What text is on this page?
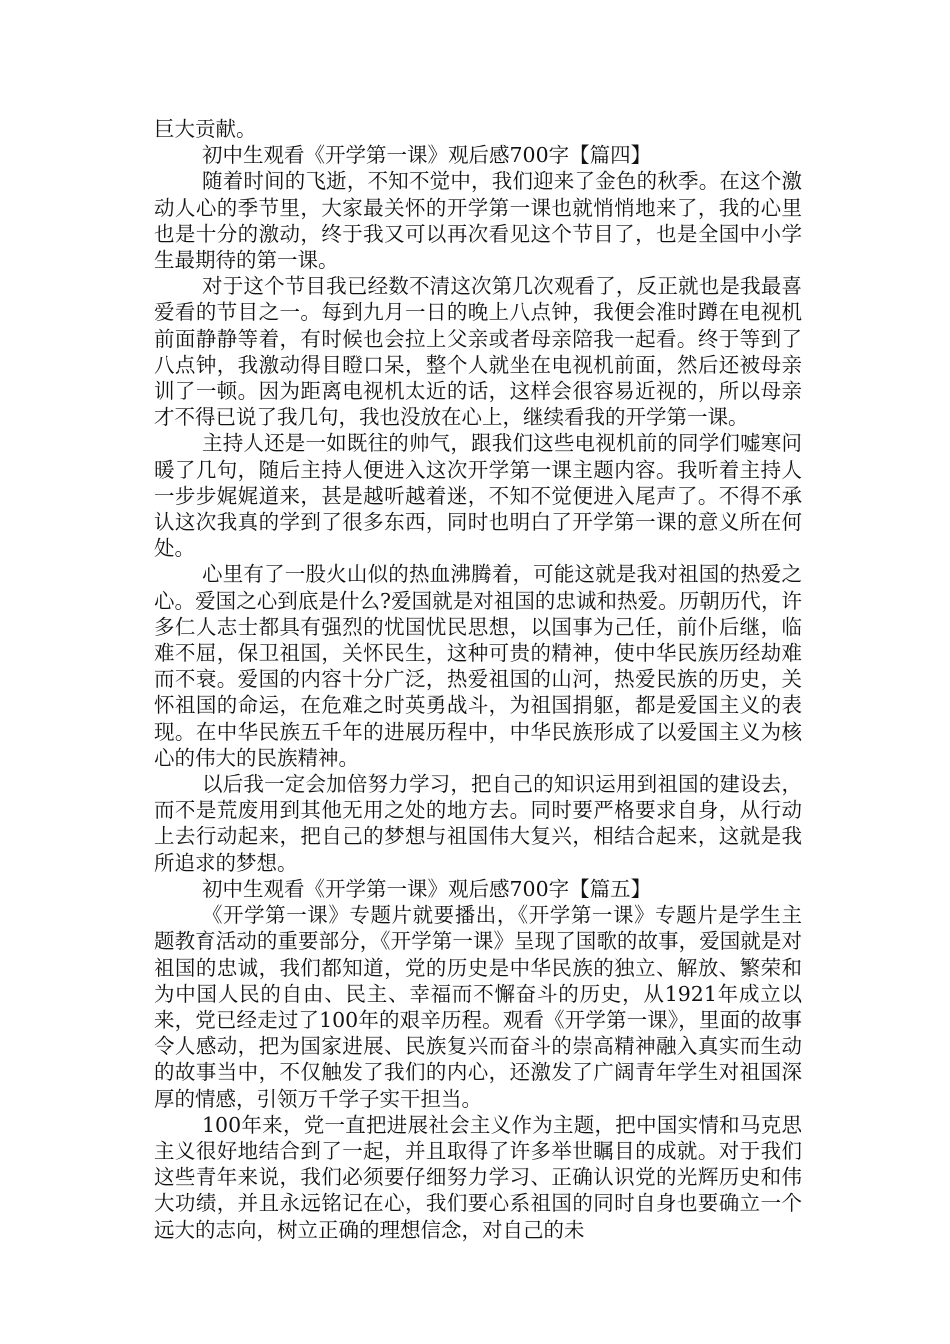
巨大贡献。

初中生观看《开学第一课》观后感700字【篇四】

随着时间的飞逝，不知不觉中，我们迎来了金色的秋季。在这个激动人心的季节里，大家最关怀的开学第一课也就悄悄地来了，我的心里也是十分的激动，终于我又可以再次看见这个节目了，也是全国中小学生最期待的第一课。

对于这个节目我已经数不清这次第几次观看了，反正就也是我最喜爱看的节目之一。每到九月一日的晚上八点钟，我便会准时蹲在电视机前面静静等着，有时候也会拉上父亲或者母亲陪我一起看。终于等到了八点钟，我激动得目瞪口呆，整个人就坐在电视机前面，然后还被母亲训了一顿。因为距离电视机太近的话，这样会很容易近视的，所以母亲才不得已说了我几句，我也没放在心上，继续看我的开学第一课。

主持人还是一如既往的帅气，跟我们这些电视机前的同学们嘘寒问暖了几句，随后主持人便进入这次开学第一课主题内容。我听着主持人一步步娓娓道来，甚是越听越着迷，不知不觉便进入尾声了。不得不承认这次我真的学到了很多东西，同时也明白了开学第一课的意义所在何处。

心里有了一股火山似的热血沸腾着，可能这就是我对祖国的热爱之心。爱国之心到底是什么?爱国就是对祖国的忠诚和热爱。历朝历代，许多仁人志士都具有强烈的忧国忧民思想，以国事为己任，前仆后继，临难不屈，保卫祖国，关怀民生，这种可贵的精神，使中华民族历经劫难而不衰。爱国的内容十分广泛，热爱祖国的山河，热爱民族的历史，关怀祖国的命运，在危难之时英勇战斗，为祖国捐躯，都是爱国主义的表现。在中华民族五千年的进展历程中，中华民族形成了以爱国主义为核心的伟大的民族精神。

以后我一定会加倍努力学习，把自己的知识运用到祖国的建设去，而不是荒废用到其他无用之处的地方去。同时要严格要求自身，从行动上去行动起来，把自己的梦想与祖国伟大复兴，相结合起来，这就是我所追求的梦想。

初中生观看《开学第一课》观后感700字【篇五】

《开学第一课》专题片就要播出，《开学第一课》专题片是学生主题教育活动的重要部分，《开学第一课》呈现了国歌的故事，爱国就是对祖国的忠诚，我们都知道，党的历史是中华民族的独立、解放、繁荣和为中国人民的自由、民主、幸福而不懈奋斗的历史，从1921年成立以来，党已经走过了100年的艰辛历程。观看《开学第一课》，里面的故事令人感动，把为国家进展、民族复兴而奋斗的崇高精神融入真实而生动的故事当中，不仅触发了我们的内心，还激发了广阔青年学生对祖国深厚的情感，引领万千学子实干担当。

100年来，党一直把进展社会主义作为主题，把中国实情和马克思主义很好地结合到了一起，并且取得了许多举世瞩目的成就。对于我们这些青年来说，我们必须要仔细努力学习、正确认识党的光辉历史和伟大功绩，并且永远铭记在心，我们要心系祖国的同时自身也要确立一个远大的志向，树立正确的理想信念，对自己的未
